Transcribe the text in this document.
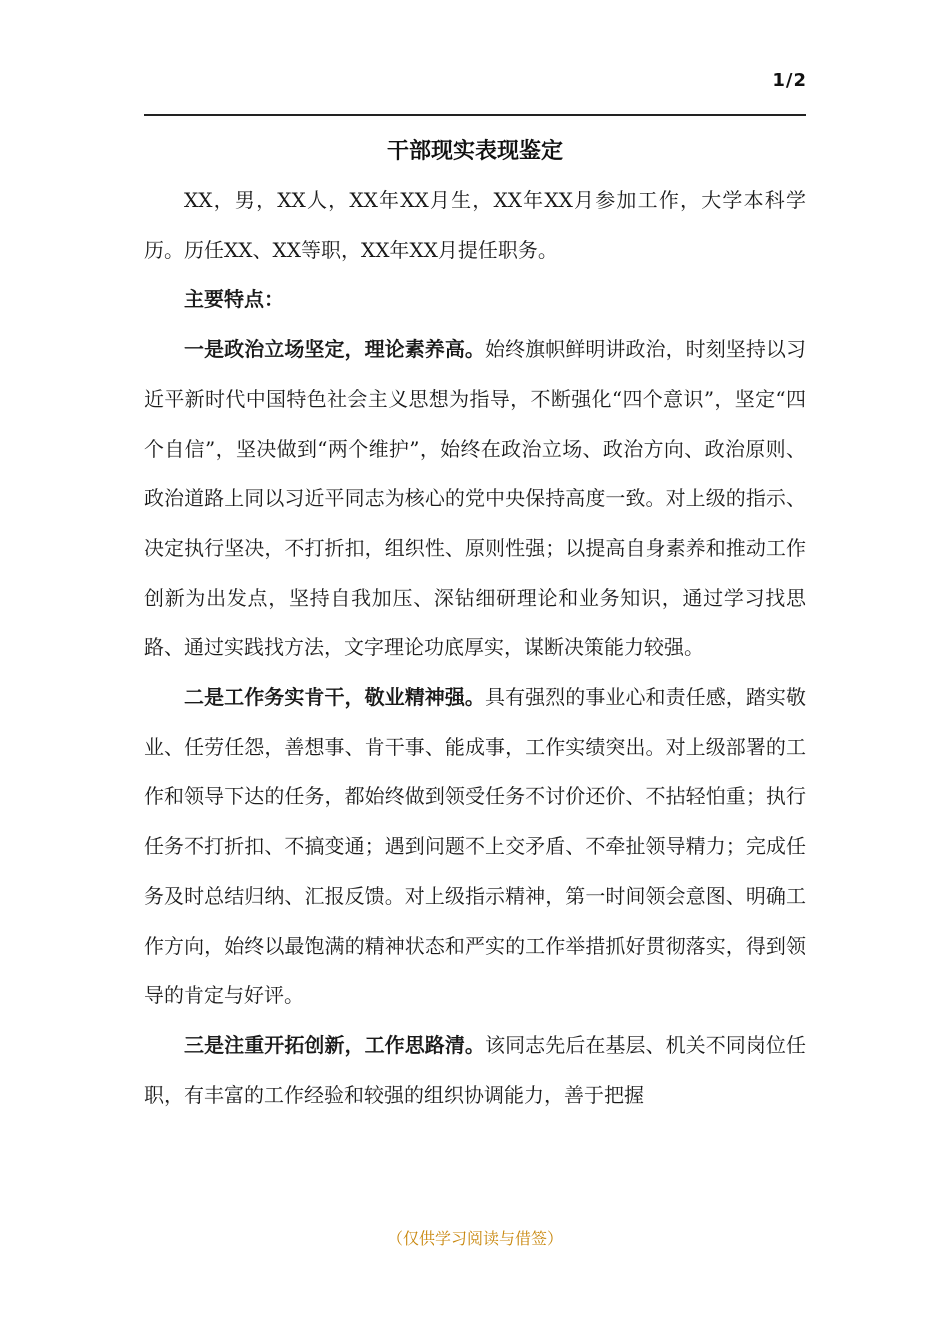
1/2
干部现实表现鉴定

XX，男，XX人，XX年XX月生，XX年XX月参加工作，大学本科学历。历任XX、XX等职，XX年XX月提任职务。

主要特点：

一是政治立场坚定，理论素养高。始终旗帜鲜明讲政治，时刻坚持以习近平新时代中国特色社会主义思想为指导，不断强化“四个意识”，坚定“四个自信”，坚决做到“两个维护”，始终在政治立场、政治方向、政治原则、政治道路上同以习近平同志为核心的党中央保持高度一致。对上级的指示、决定执行坚决，不打折扣，组织性、原则性强；以提高自身素养和推动工作创新为出发点，坚持自我加压、深钻细研理论和业务知识，通过学习找思路、通过实践找方法，文字理论功底厚实，谋断决策能力较强。

二是工作务实肯干，敬业精神强。具有强烈的事业心和责任感，踏实敬业、任劳任怨，善想事、肯干事、能成事，工作实绩突出。对上级部署的工作和领导下达的任务，都始终做到领受任务不讨价还价、不拈轻怕重；执行任务不打折扣、不搞变通；遇到问题不上交矛盾、不牵扯领导精力；完成任务及时总结归纳、汇报反馈。对上级指示精神，第一时间领会意图、明确工作方向，始终以最饱满的精神状态和严实的工作举措抓好贯彻落实，得到领导的肯定与好评。

三是注重开拓创新，工作思路清。该同志先后在基层、机关不同岗位任职，有丰富的工作经验和较强的组织协调能力，善于把握

（仅供学习阅读与借签）
